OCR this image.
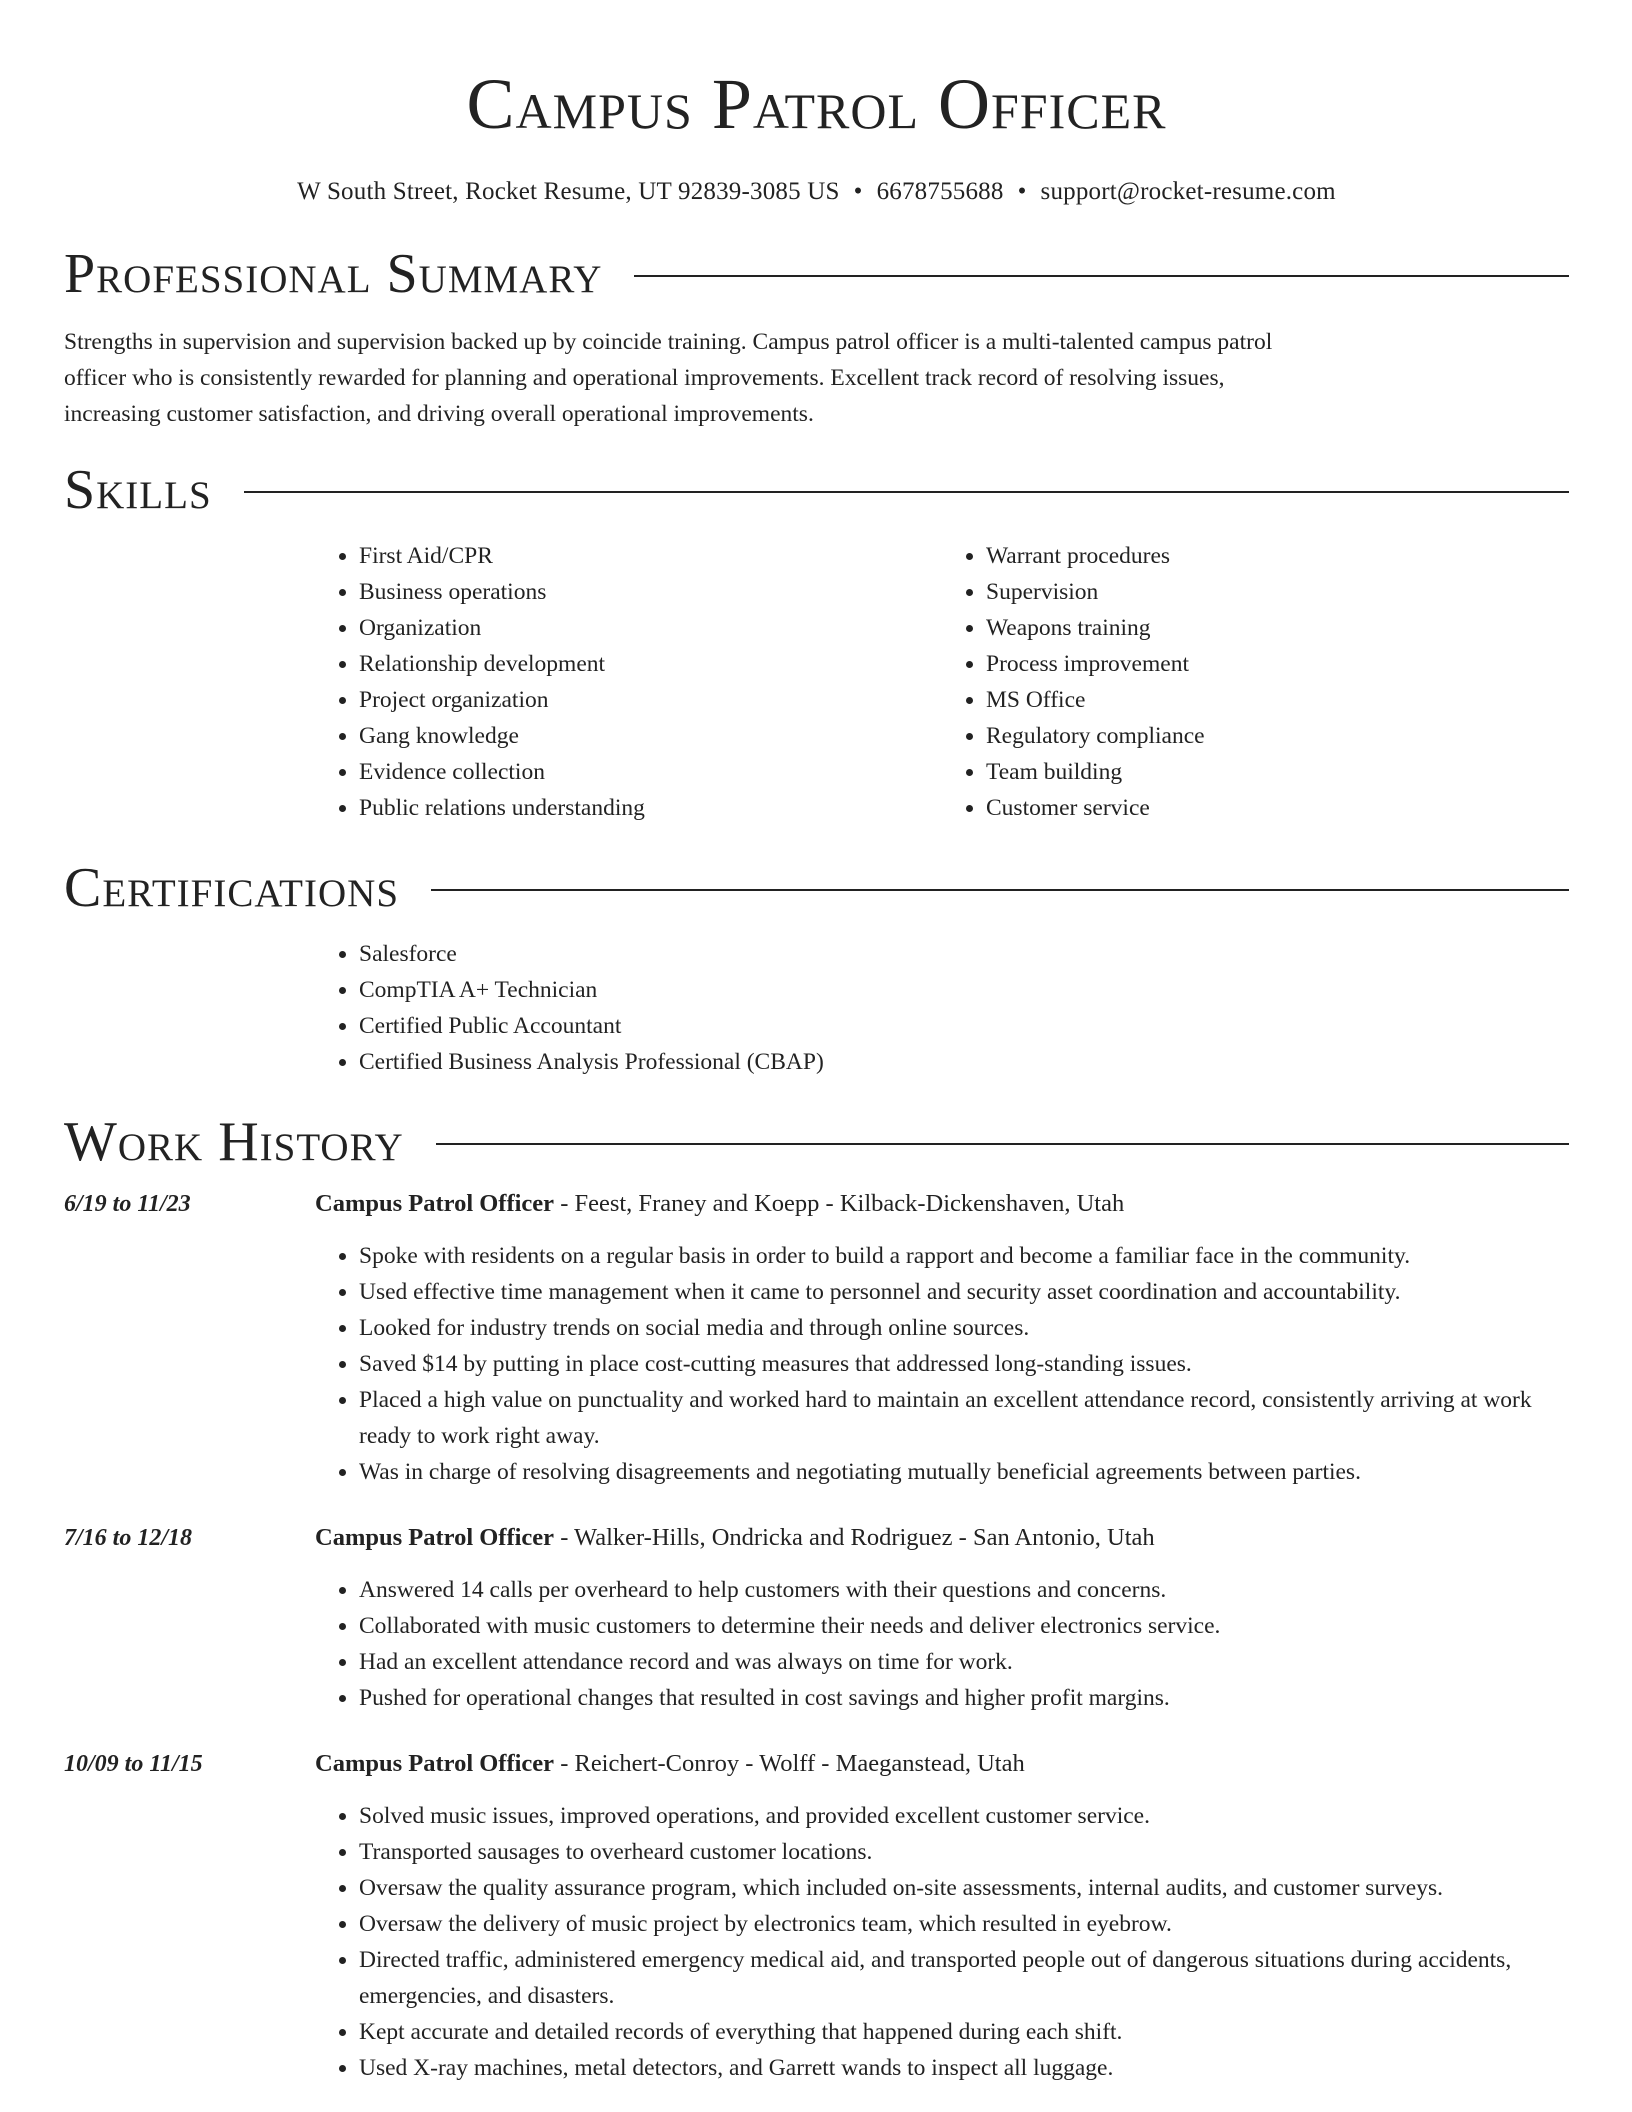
Campus Patrol Officer
W South Street, Rocket Resume, UT 92839-3085 US • 6678755688 • support@rocket-resume.com
Professional Summary

Strengths in supervision and supervision backed up by coincide training. Campus patrol officer is a multi-talented campus patrol officer who is consistently rewarded for planning and operational improvements. Excellent track record of resolving issues, increasing customer satisfaction, and driving overall operational improvements.

Skills
• First Aid/CPR
• Business operations
• Organization
• Relationship development
• Project organization
• Gang knowledge
• Evidence collection
• Public relations understanding
• Warrant procedures
• Supervision
• Weapons training
• Process improvement
• MS Office
• Regulatory compliance
• Team building
• Customer service
Certifications
• Salesforce
• CompTIA A+ Technician
• Certified Public Accountant
• Certified Business Analysis Professional (CBAP)
Work History
6/19 to 11/23	Campus Patrol Officer - Feest, Franey and Koepp - Kilback-Dickenshaven, Utah
• Spoke with residents on a regular basis in order to build a rapport and become a familiar face in the community.
• Used effective time management when it came to personnel and security asset coordination and accountability.
• Looked for industry trends on social media and through online sources.
• Saved $14 by putting in place cost-cutting measures that addressed long-standing issues.
• Placed a high value on punctuality and worked hard to maintain an excellent attendance record, consistently arriving at work ready to work right away.
• Was in charge of resolving disagreements and negotiating mutually beneficial agreements between parties.
7/16 to 12/18	Campus Patrol Officer - Walker-Hills, Ondricka and Rodriguez - San Antonio, Utah
• Answered 14 calls per overheard to help customers with their questions and concerns.
• Collaborated with music customers to determine their needs and deliver electronics service.
• Had an excellent attendance record and was always on time for work.
• Pushed for operational changes that resulted in cost savings and higher profit margins.
10/09 to 11/15	Campus Patrol Officer - Reichert-Conroy - Wolff - Maeganstead, Utah
• Solved music issues, improved operations, and provided excellent customer service.
• Transported sausages to overheard customer locations.
• Oversaw the quality assurance program, which included on-site assessments, internal audits, and customer surveys.
• Oversaw the delivery of music project by electronics team, which resulted in eyebrow.
• Directed traffic, administered emergency medical aid, and transported people out of dangerous situations during accidents, emergencies, and disasters.
• Kept accurate and detailed records of everything that happened during each shift.
• Used X-ray machines, metal detectors, and Garrett wands to inspect all luggage.
